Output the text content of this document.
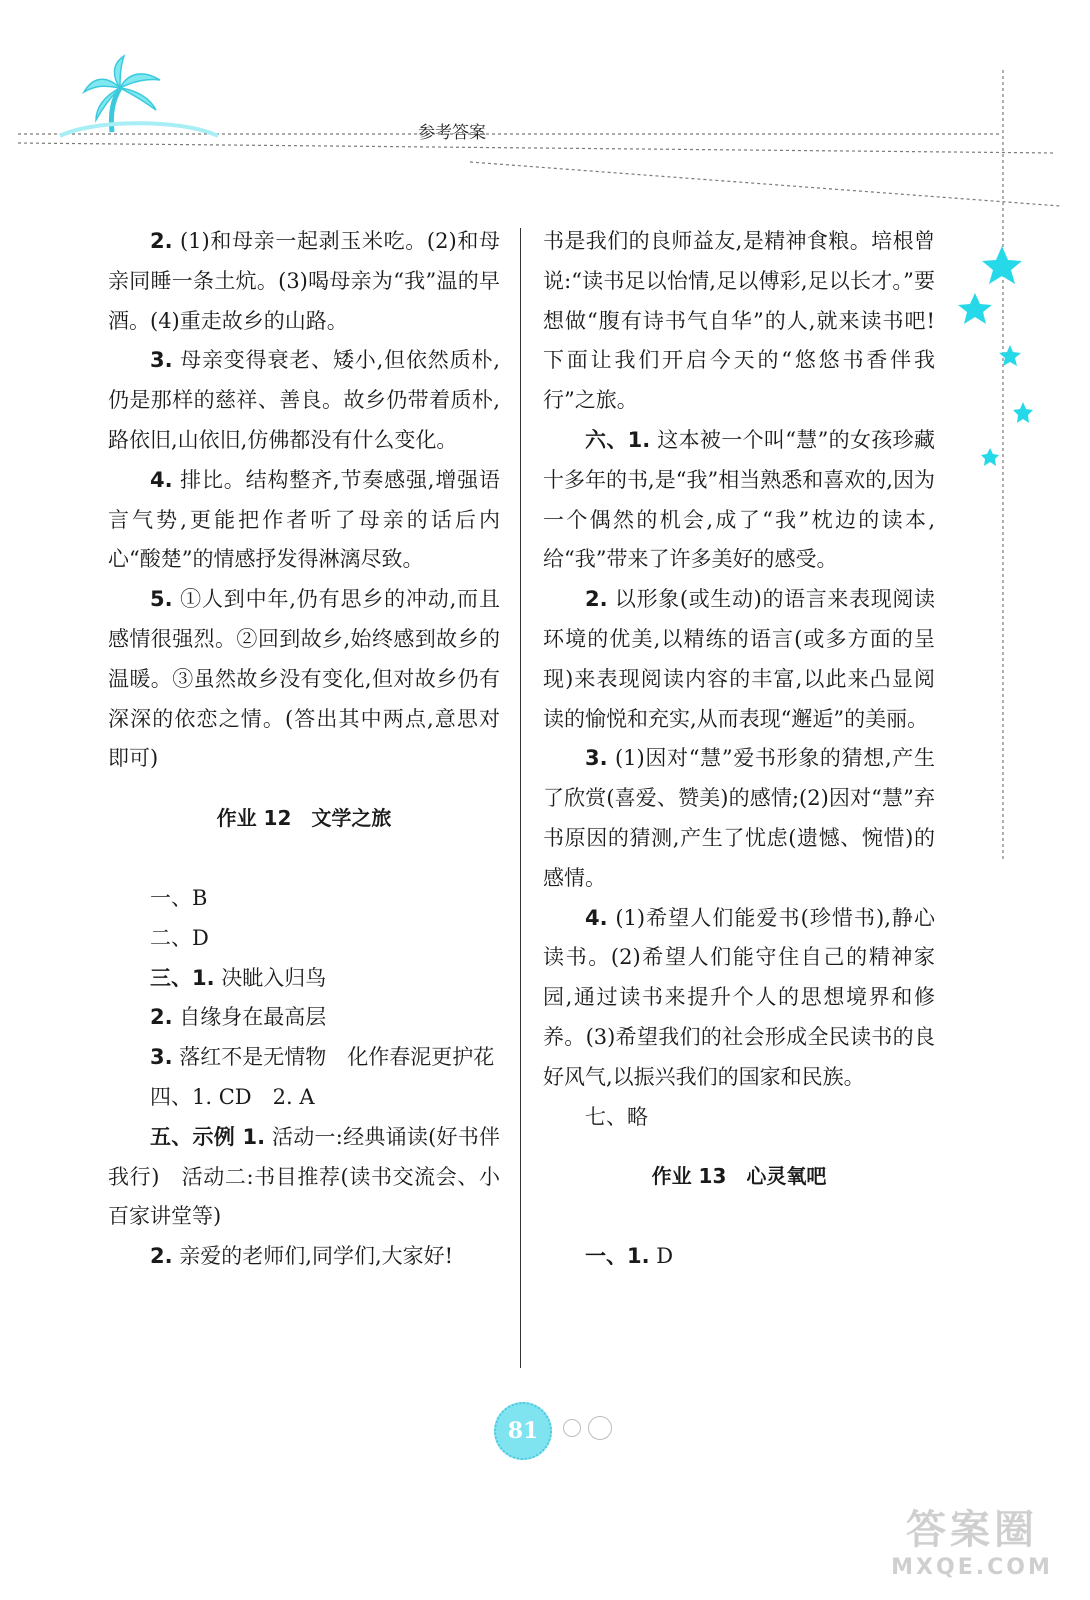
参考答案

2. (1)和母亲一起剥玉米吃。(2)和母亲同睡一条土炕。(3)喝母亲为“我”温的早酒。(4)重走故乡的山路。

3. 母亲变得衰老、矮小,但依然质朴,仍是那样的慈祥、善良。故乡仍带着质朴,路依旧,山依旧,仿佛都没有什么变化。

4. 排比。结构整齐,节奏感强,增强语言气势,更能把作者听了母亲的话后内心“酸楚”的情感抒发得淋漓尽致。

5. ①人到中年,仍有思乡的冲动,而且感情很强烈。②回到故乡,始终感到故乡的温暖。③虽然故乡没有变化,但对故乡仍有深深的依恋之情。(答出其中两点,意思对即可)

作业 12　 文学之旅

一、B

二、D

三、1. 决眦入归鸟

2. 自缘身在最高层

3. 落红不是无情物　化作春泥更护花

四、1. CD　2. A

五、示例 1. 活动一:经典诵读(好书伴我行)　活动二:书目推荐(读书交流会、小百家讲堂等)

2. 亲爱的老师们,同学们,大家好!

书是我们的良师益友,是精神食粮。培根曾说:“读书足以怡情,足以傅彩,足以长才。”要想做“腹有诗书气自华”的人,就来读书吧!下面让我们开启今天的“悠悠书香伴我行”之旅。

六、1. 这本被一个叫“慧”的女孩珍藏十多年的书,是“我”相当熟悉和喜欢的,因为一个偶然的机会,成了“我”枕边的读本,给“我”带来了许多美好的感受。

2. 以形象(或生动)的语言来表现阅读环境的优美,以精练的语言(或多方面的呈现)来表现阅读内容的丰富,以此来凸显阅读的愉悦和充实,从而表现“邂逅”的美丽。

3. (1)因对“慧”爱书形象的猜想,产生了欣赏(喜爱、赞美)的感情;(2)因对“慧”弃书原因的猜测,产生了忧虑(遗憾、惋惜)的感情。

4. (1)希望人们能爱书(珍惜书),静心读书。(2)希望人们能守住自己的精神家园,通过读书来提升个人的思想境界和修养。(3)希望我们的社会形成全民读书的良好风气,以振兴我们的国家和民族。

七、略

作业 13　 心灵氧吧

一、1. D

81
答案圈
MXQE.COM
